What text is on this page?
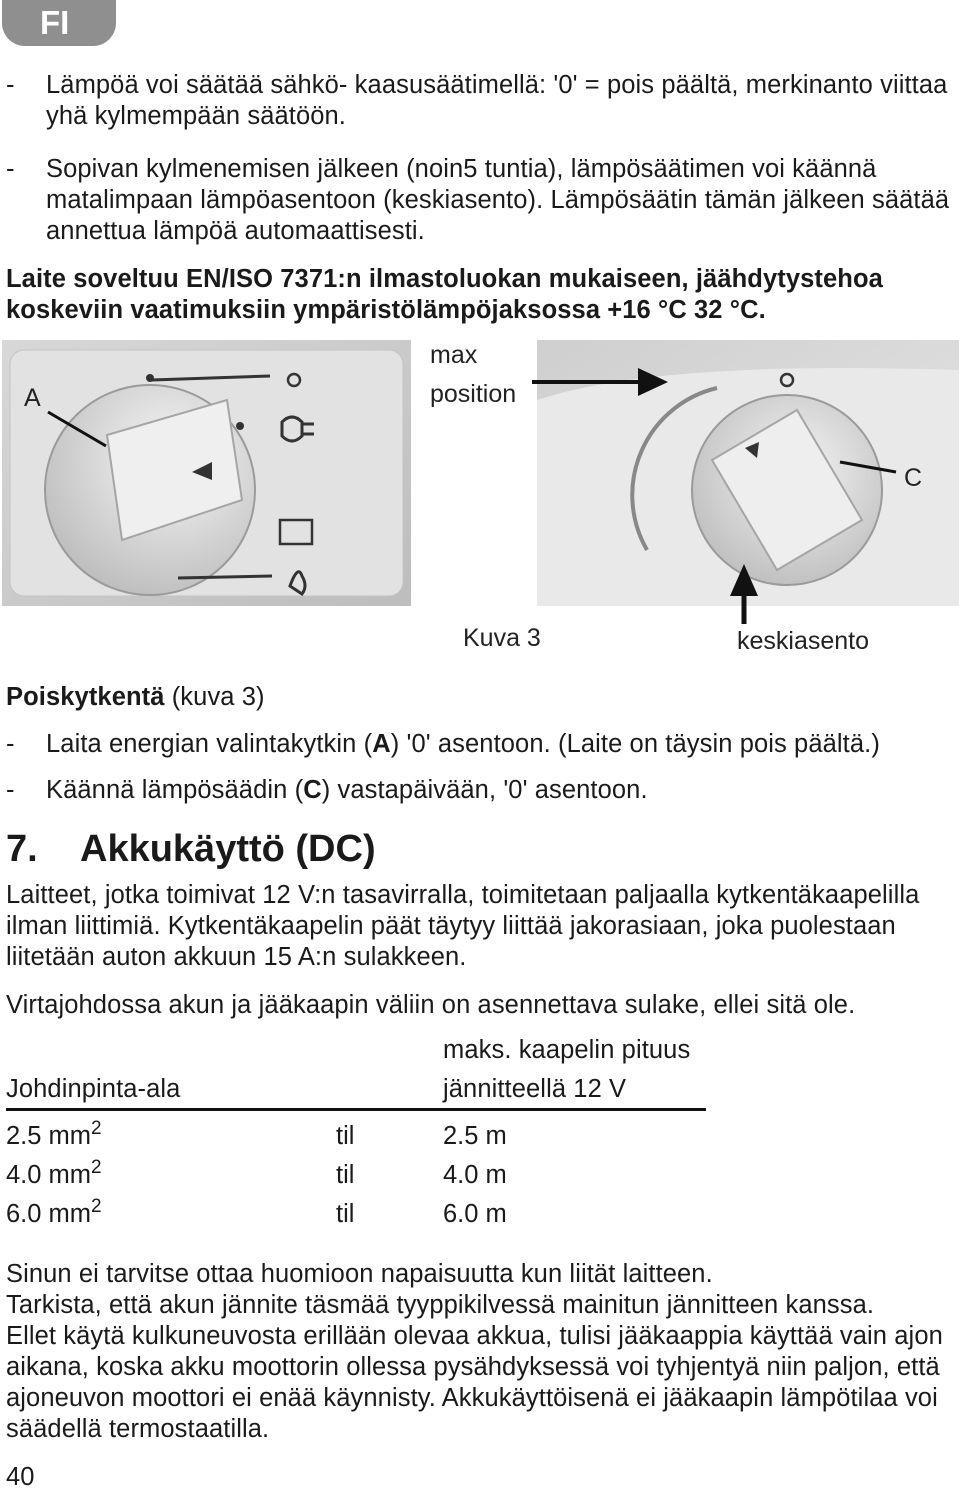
FI
- Lämpöä voi säätää sähkö- kaasusäätimellä: '0' = pois päältä, merkinanto viittaa yhä kylmempään säätöön.
- Sopivan kylmenemisen jälkeen (noin5 tuntia), lämpösäätimen voi käännä matalimpaan lämpöasentoon (keskiasento). Lämpösäätin tämän jälkeen säätää annettua lämpöä automaattisesti.
Laite soveltuu EN/ISO 7371:n ilmastoluokan mukaiseen, jäähdytystehoa koskeviin vaatimuksiin ympäristölämpöjaksossa +16 °C 32 °C.
A
max
position
C
Kuva 3	keskiasento
Poiskytkentä (kuva 3)
- Laita energian valintakytkin (A) '0' asentoon. (Laite on täysin pois päältä.)
- Käännä lämpösäädin (C) vastapäivään, '0' asentoon.
7. Akkukäyttö (DC)
Laitteet, jotka toimivat 12 V:n tasavirralla, toimitetaan paljaalla kytkentäkaapelilla ilman liittimiä. Kytkentäkaapelin päät täytyy liittää jakorasiaan, joka puolestaan liitetään auton akkuun 15 A:n sulakkeen.
Virtajohdossa akun ja jääkaapin väliin on asennettava sulake, ellei sitä ole.
maks. kaapelin pituus
Johdinpinta-ala	jännitteellä 12 V
2.5 $mm^2$	til	2.5 m
4.0 $mm^2$	til	4.0 m
6.0 $mm^2$	til	6.0 m
Sinun ei tarvitse ottaa huomioon napaisuutta kun liität laitteen.
Tarkista, että akun jännite täsmää tyyppikilvessä mainitun jännitteen kanssa.
Ellet käytä kulkuneuvosta erillään olevaa akkua, tulisi jääkaappia käyttää vain ajon aikana, koska akku moottorin ollessa pysähdyksessä voi tyhjentyä niin paljon, että ajoneuvon moottori ei enää käynnisty. Akkukäyttöisenä ei jääkaapin lämpötilaa voi säädellä termostaatilla.
40
